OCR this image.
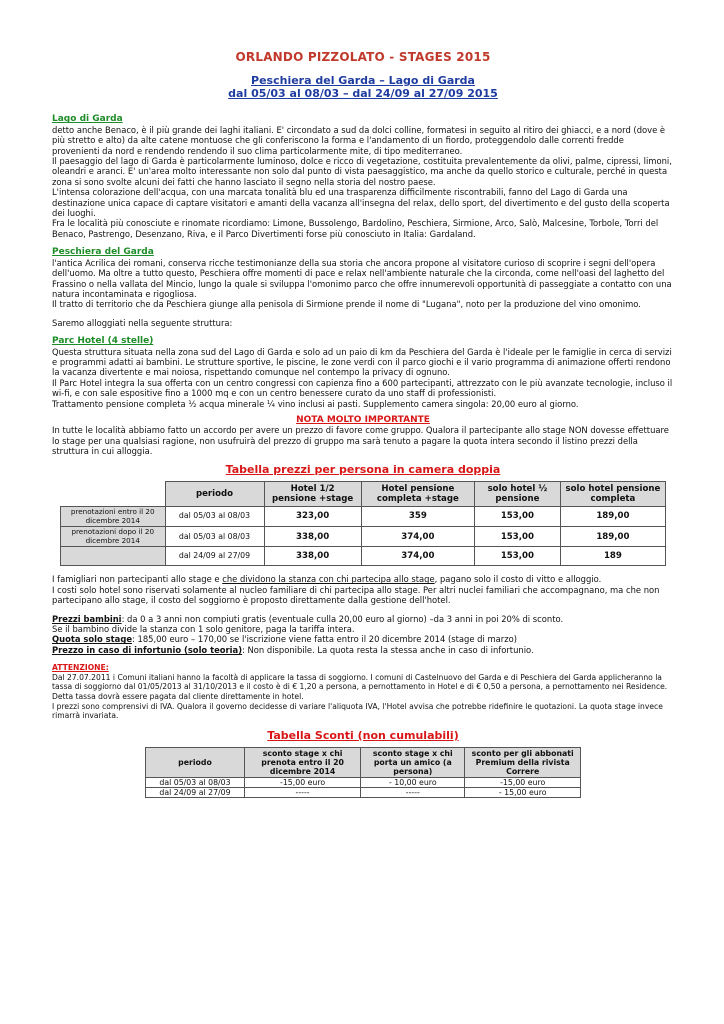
ORLANDO PIZZOLATO - STAGES 2015
Peschiera del Garda – Lago di Garda
dal 05/03 al 08/03 – dal 24/09 al 27/09 2015
Lago di Garda

detto anche Benaco, è il più grande dei laghi italiani. E' circondato a sud da dolci colline, formatesi in seguito al ritiro dei ghiacci, e a nord (dove è più stretto e alto) da alte catene montuose che gli conferiscono la forma e l'andamento di un fiordo, proteggendolo dalle correnti fredde provenienti da nord e rendendo rendendo il suo clima particolarmente mite, di tipo mediterraneo.

Il paesaggio del lago di Garda è particolarmente luminoso, dolce e ricco di vegetazione, costituita prevalentemente da olivi, palme, cipressi, limoni, oleandri e aranci. E' un'area molto interessante non solo dal punto di vista paesaggistico, ma anche da quello storico e culturale, perché in questa zona si sono svolte alcuni dei fatti che hanno lasciato il segno nella storia del nostro paese.

L'intensa colorazione dell'acqua, con una marcata tonalità blu ed una trasparenza difficilmente riscontrabili, fanno del Lago di Garda una destinazione unica capace di captare visitatori e amanti della vacanza all'insegna del relax, dello sport, del divertimento e del gusto della scoperta dei luoghi.

Fra le località più conosciute e rinomate ricordiamo: Limone, Bussolengo, Bardolino, Peschiera, Sirmione, Arco, Salò, Malcesine, Torbole, Torri del Benaco, Pastrengo, Desenzano, Riva, e il Parco Divertimenti forse più conosciuto in Italia: Gardaland.

Peschiera del Garda

l'antica Acrilica dei romani, conserva ricche testimonianze della sua storia che ancora propone al visitatore curioso di scoprire i segni dell'opera dell'uomo. Ma oltre a tutto questo, Peschiera offre momenti di pace e relax nell'ambiente naturale che la circonda, come nell'oasi del laghetto del Frassino o nella vallata del Mincio, lungo la quale si sviluppa l'omonimo parco che offre innumerevoli opportunità di passeggiate a contatto con una natura incontaminata e rigogliosa.

Il tratto di territorio che da Peschiera giunge alla penisola di Sirmione prende il nome di "Lugana", noto per la produzione del vino omonimo.

Saremo alloggiati nella seguente struttura:

Parc Hotel (4 stelle)

Questa struttura situata nella zona sud del Lago di Garda e solo ad un paio di km da Peschiera del Garda è l'ideale per le famiglie in cerca di servizi e programmi adatti ai bambini. Le strutture sportive, le piscine, le zone verdi con il parco giochi e il vario programma di animazione offerti rendono la vacanza divertente e mai noiosa, rispettando comunque nel contempo la privacy di ognuno.

Il Parc Hotel integra la sua offerta con un centro congressi con capienza fino a 600 partecipanti, attrezzato con le più avanzate tecnologie, incluso il wi-fi, e con sale espositive fino a 1000 mq e con un centro benessere curato da uno staff di professionisti.

Trattamento pensione completa ½ acqua minerale ¼ vino inclusi ai pasti. Supplemento camera singola: 20,00 euro al giorno.

NOTA MOLTO IMPORTANTE

In tutte le località abbiamo fatto un accordo per avere un prezzo di favore come gruppo. Qualora il partecipante allo stage NON dovesse effettuare lo stage per una qualsiasi ragione, non usufruirà del prezzo di gruppo ma sarà tenuto a pagare la quota intera secondo il listino prezzi della struttura in cui alloggia.

Tabella prezzi per persona in camera doppia
	periodo	Hotel 1/2 pensione +stage	Hotel pensione completa +stage	solo hotel ½ pensione	solo hotel pensione completa
prenotazioni entro il 20 dicembre 2014	dal 05/03 al 08/03	323,00	359	153,00	189,00
prenotazioni dopo il 20 dicembre 2014	dal 05/03 al 08/03	338,00	374,00	153,00	189,00
	dal 24/09 al 27/09	338,00	374,00	153,00	189

I famigliari non partecipanti allo stage e che dividono la stanza con chi partecipa allo stage, pagano solo il costo di vitto e alloggio.

I costi solo hotel sono riservati solamente al nucleo familiare di chi partecipa allo stage. Per altri nuclei familiari che accompagnano, ma che non partecipano allo stage, il costo del soggiorno è proposto direttamente dalla gestione dell'hotel.

Prezzi bambini: da 0 a 3 anni non compiuti gratis (eventuale culla 20,00 euro al giorno) –da 3 anni in poi 20% di sconto.

Se il bambino divide la stanza con 1 solo genitore, paga la tariffa intera.

Quota solo stage: 185,00 euro – 170,00 se l'iscrizione viene fatta entro il 20 dicembre 2014 (stage di marzo)

Prezzo in caso di infortunio (solo teoria): Non disponibile. La quota resta la stessa anche in caso di infortunio.

ATTENZIONE:

Dal 27.07.2011 i Comuni italiani hanno la facoltà di applicare la tassa di soggiorno. I comuni di Castelnuovo del Garda e di Peschiera del Garda applicheranno la tassa di soggiorno dal 01/05/2013 al 31/10/2013 e il costo è di € 1,20 a persona, a pernottamento in Hotel e di € 0,50 a persona, a pernottamento nei Residence. Detta tassa dovrà essere pagata dal cliente direttamente in hotel.

I prezzi sono comprensivi di IVA. Qualora il governo decidesse di variare l'aliquota IVA, l'Hotel avvisa che potrebbe ridefinire le quotazioni. La quota stage invece rimarrà invariata.

Tabella Sconti (non cumulabili)
periodo	sconto stage x chi prenota entro il 20 dicembre 2014	sconto stage x chi porta un amico (a persona)	sconto per gli abbonati Premium della rivista Correre
dal 05/03 al 08/03	-15,00 euro	- 10,00 euro	-15,00 euro
dal 24/09 al 27/09	-----	-----	- 15,00 euro
